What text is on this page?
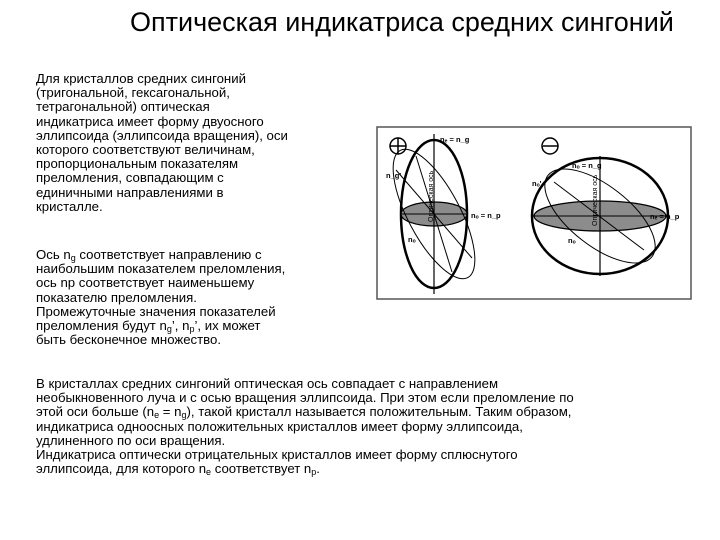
Оптическая индикатриса средних сингоний
Для кристаллов средних сингоний
(тригональной, гексагональной,
тетрагональной) оптическая
индикатриса имеет форму двуосного
эллипсоида (эллипсоида вращения), оси
которого соответствуют величинам,
пропорциональным показателям
преломления, совпадающим с
единичными направлениями в
кристалле.
Ось $n_g$ соответствует направлению с
наибольшим показателем преломления,
ось np соответствует наименьшему
показателю преломления.
Промежуточные значения показателей
преломления будут $n_g$’, $n_p$’, их может
быть бесконечное множество.
В кристаллах средних сингоний оптическая ось совпадает с направлением
необыкновенного луча и с осью вращения эллипсоида. При этом если преломление по
этой оси больше $(n_e = n_g)$, такой кристалл называется положительным. Таким образом,
индикатриса одноосных положительных кристаллов имеет форму эллипсоида,
удлиненного по оси вращения.
Индикатриса оптически отрицательных кристаллов имеет форму сплюснутого
эллипсоида, для которого $n_e$ соответствует $n_p$.
⊕
nₑ = n_g
n_g'
nₒ = n_p
nₒ
Оптическая ось
⊖
nₒ = n_g
nₒ'
nₑ = n_p
nₒ
Оптическая ось
